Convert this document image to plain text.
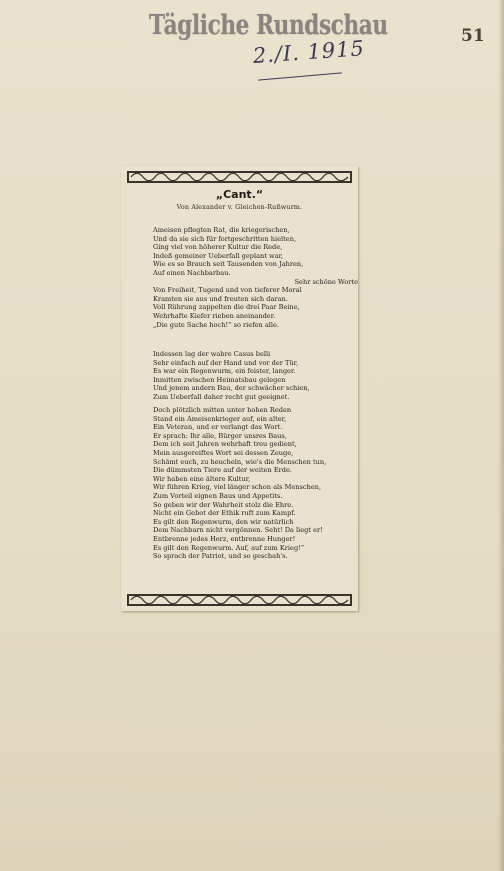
Tägliche Rundschau	51
2./I. 1915
„Cant.“
Von Alexander v. Gleichen-Rußwurm.
Ameisen pflegten Rat, die kriegerischen,
Und da sie sich für fortgeschritten hielten,
Ging viel von höherer Kultur die Rede,
Indeß gemeiner Ueberfall geplant war,
Wie es so Brauch seit Tausenden von Jahren,
Auf einen Nachbarbau.
Sehr schöne Worte
Von Freiheit, Tugend und von tieferer Moral
Kramten sie aus und freuten sich daran.
Voll Rührung zappelten die drei Paar Beine,
Wehrhafte Kiefer rieben aneinander.
„Die gute Sache hoch!“ so riefen alle.
Indessen lag der wahre Casus belli
Sehr einfach auf der Hand und vor der Tür,
Es war ein Regenwurm, ein feister, langer.
Inmitten zwischen Heimatsbau gelegen
Und jenem andern Bau, der schwächer schien,
Zum Ueberfall daher recht gut geeignet.
Doch plötzlich mitten unter hohen Reden
Stand ein Ameisenkrieger auf, ein alter,
Ein Veteran, und er verlangt das Wort.
Er sprach: Ihr alle, Bürger unsres Baus,
Dem ich seit Jahren wehrhaft treu gedient,
Mein ausgereiftes Wort sei dessen Zeuge,
Schämt euch, zu heucheln, wie's die Menschen tun,
Die dümmsten Tiere auf der weiten Erde.
Wir haben eine ältere Kultur,
Wir führen Krieg, viel länger schon als Menschen,
Zum Vorteil eignen Baus und Appetits.
So geben wir der Wahrheit stolz die Ehre.
Nicht ein Gebot der Ethik ruft zum Kampf.
Es gilt den Regenwurm, den wir natürlich
Dem Nachbarn nicht vergönnen. Seht! Da liegt er!
Entbrenne jedes Herz, entbrenne Hunger!
Es gilt den Regenwurm. Auf, auf zum Krieg!“
So sprach der Patriot, und so geschah's.
